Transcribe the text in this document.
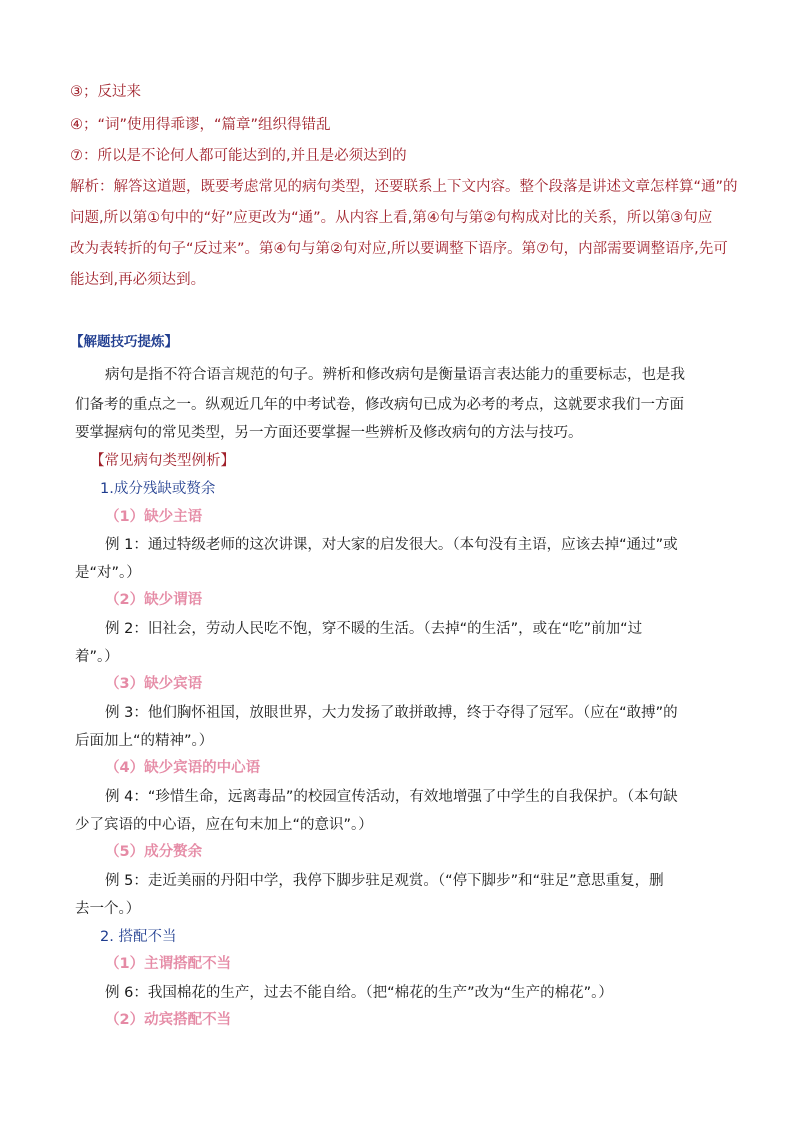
③；反过来
④；“词”使用得乖谬，“篇章”组织得错乱
⑦：所以是不论何人都可能达到的,并且是必须达到的
解析：解答这道题，既要考虑常见的病句类型，还要联系上下文内容。整个段落是讲述文章怎样算“通”的
问题,所以第①句中的“好”应更改为“通”。从内容上看,第④句与第②句构成对比的关系，所以第③句应
改为表转折的句子“反过来”。第④句与第②句对应,所以要调整下语序。第⑦句，内部需要调整语序,先可
能达到,再必须达到。
【解题技巧提炼】
病句是指不符合语言规范的句子。辨析和修改病句是衡量语言表达能力的重要标志，也是我
们备考的重点之一。纵观近几年的中考试卷，修改病句已成为必考的考点，这就要求我们一方面
要掌握病句的常见类型，另一方面还要掌握一些辨析及修改病句的方法与技巧。
【常见病句类型例析】
1.成分残缺或赘余
（1）缺少主语
例 1：通过特级老师的这次讲课，对大家的启发很大。（本句没有主语，应该去掉“通过”或
是“对”。）
（2）缺少谓语
例 2：旧社会，劳动人民吃不饱，穿不暖的生活。（去掉“的生活”，或在“吃”前加“过
着”。）
（3）缺少宾语
例 3：他们胸怀祖国，放眼世界，大力发扬了敢拼敢搏，终于夺得了冠军。（应在“敢搏”的
后面加上“的精神”。）
（4）缺少宾语的中心语
例 4：“珍惜生命，远离毒品”的校园宣传活动，有效地增强了中学生的自我保护。（本句缺
少了宾语的中心语，应在句末加上“的意识”。）
（5）成分赘余
例 5：走近美丽的丹阳中学，我停下脚步驻足观赏。（“停下脚步”和“驻足”意思重复，删
去一个。）
2. 搭配不当
（1）主谓搭配不当
例 6：我国棉花的生产，过去不能自给。（把“棉花的生产”改为“生产的棉花”。）
（2）动宾搭配不当
